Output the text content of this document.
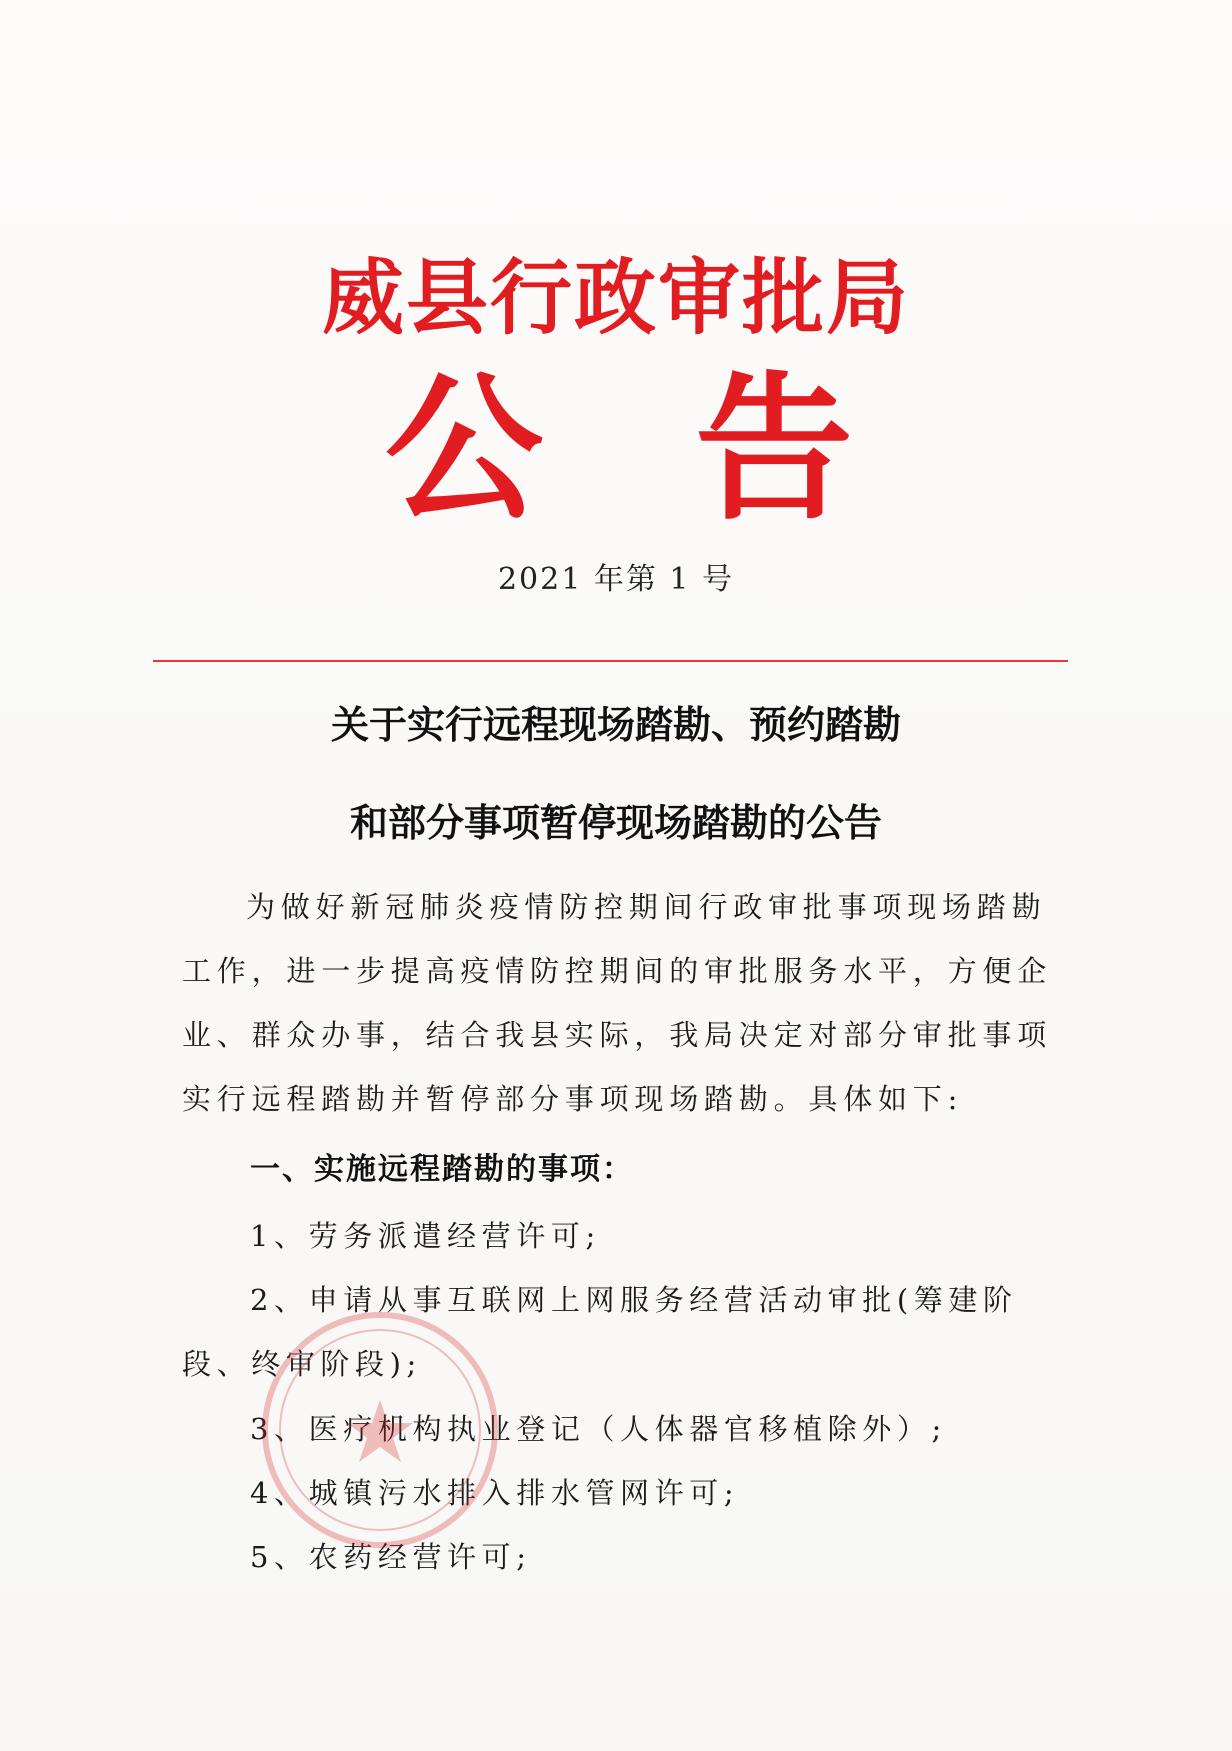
威县行政审批局
公 告
2021 年第 1 号
关于实行远程现场踏勘、预约踏勘
和部分事项暂停现场踏勘的公告
为做好新冠肺炎疫情防控期间行政审批事项现场踏勘工作，进一步提高疫情防控期间的审批服务水平，方便企业、群众办事，结合我县实际，我局决定对部分审批事项实行远程踏勘并暂停部分事项现场踏勘。具体如下:
一、实施远程踏勘的事项：
1、劳务派遣经营许可;
2、申请从事互联网上网服务经营活动审批(筹建阶段、终审阶段);
3、医疗机构执业登记（人体器官移植除外）;
4、城镇污水排入排水管网许可;
5、农药经营许可;
